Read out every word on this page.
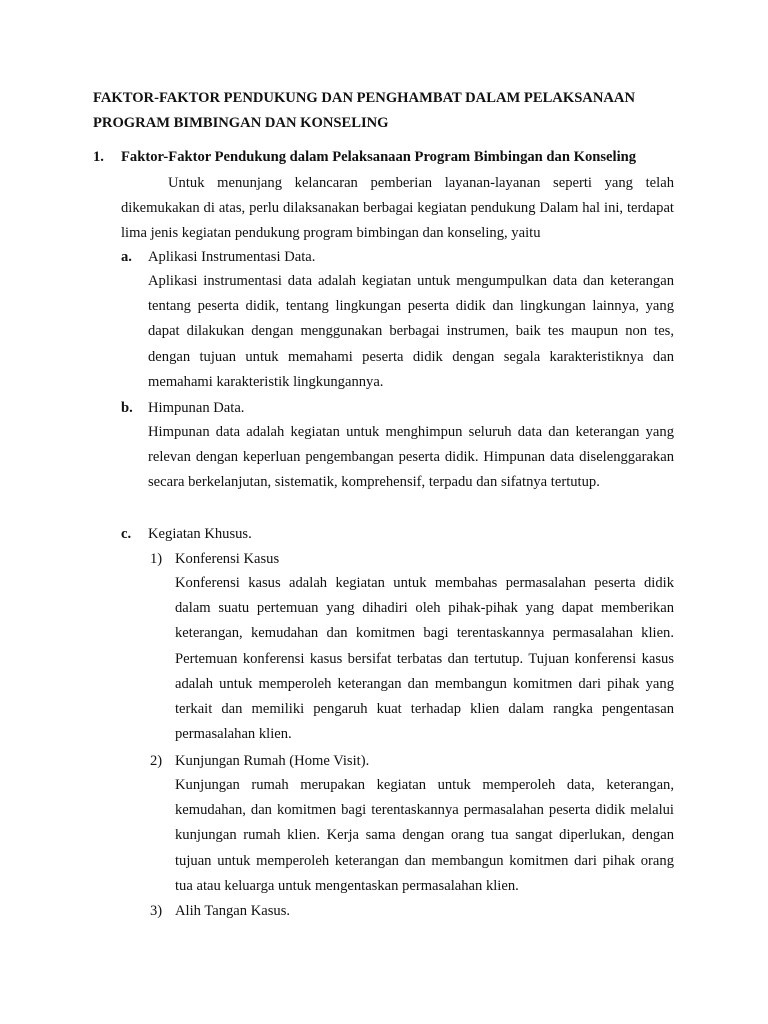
FAKTOR-FAKTOR PENDUKUNG DAN PENGHAMBAT DALAM PELAKSANAAN PROGRAM BIMBINGAN DAN KONSELING
1. Faktor-Faktor Pendukung dalam Pelaksanaan Program Bimbingan dan Konseling

Untuk menunjang kelancaran pemberian layanan-layanan seperti yang telah dikemukakan di atas, perlu dilaksanakan berbagai kegiatan pendukung Dalam hal ini, terdapat lima jenis kegiatan pendukung program bimbingan dan konseling, yaitu

a. Aplikasi Instrumentasi Data.

Aplikasi instrumentasi data adalah kegiatan untuk mengumpulkan data dan keterangan tentang peserta didik, tentang lingkungan peserta didik dan lingkungan lainnya, yang dapat dilakukan dengan menggunakan berbagai instrumen, baik tes maupun non tes, dengan tujuan untuk memahami peserta didik dengan segala karakteristiknya dan memahami karakteristik lingkungannya.

b. Himpunan Data.

Himpunan data adalah kegiatan untuk menghimpun seluruh data dan keterangan yang relevan dengan keperluan pengembangan peserta didik. Himpunan data diselenggarakan secara berkelanjutan, sistematik, komprehensif, terpadu dan sifatnya tertutup.

c. Kegiatan Khusus.
1) Konferensi Kasus

Konferensi kasus adalah kegiatan untuk membahas permasalahan peserta didik dalam suatu pertemuan yang dihadiri oleh pihak-pihak yang dapat memberikan keterangan, kemudahan dan komitmen bagi terentaskannya permasalahan klien. Pertemuan konferensi kasus bersifat terbatas dan tertutup. Tujuan konferensi kasus adalah untuk memperoleh keterangan dan membangun komitmen dari pihak yang terkait dan memiliki pengaruh kuat terhadap klien dalam rangka pengentasan permasalahan klien.

2) Kunjungan Rumah (Home Visit).

Kunjungan rumah merupakan kegiatan untuk memperoleh data, keterangan, kemudahan, dan komitmen bagi terentaskannya permasalahan peserta didik melalui kunjungan rumah klien. Kerja sama dengan orang tua sangat diperlukan, dengan tujuan untuk memperoleh keterangan dan membangun komitmen dari pihak orang tua atau keluarga untuk mengentaskan permasalahan klien.

3) Alih Tangan Kasus.
